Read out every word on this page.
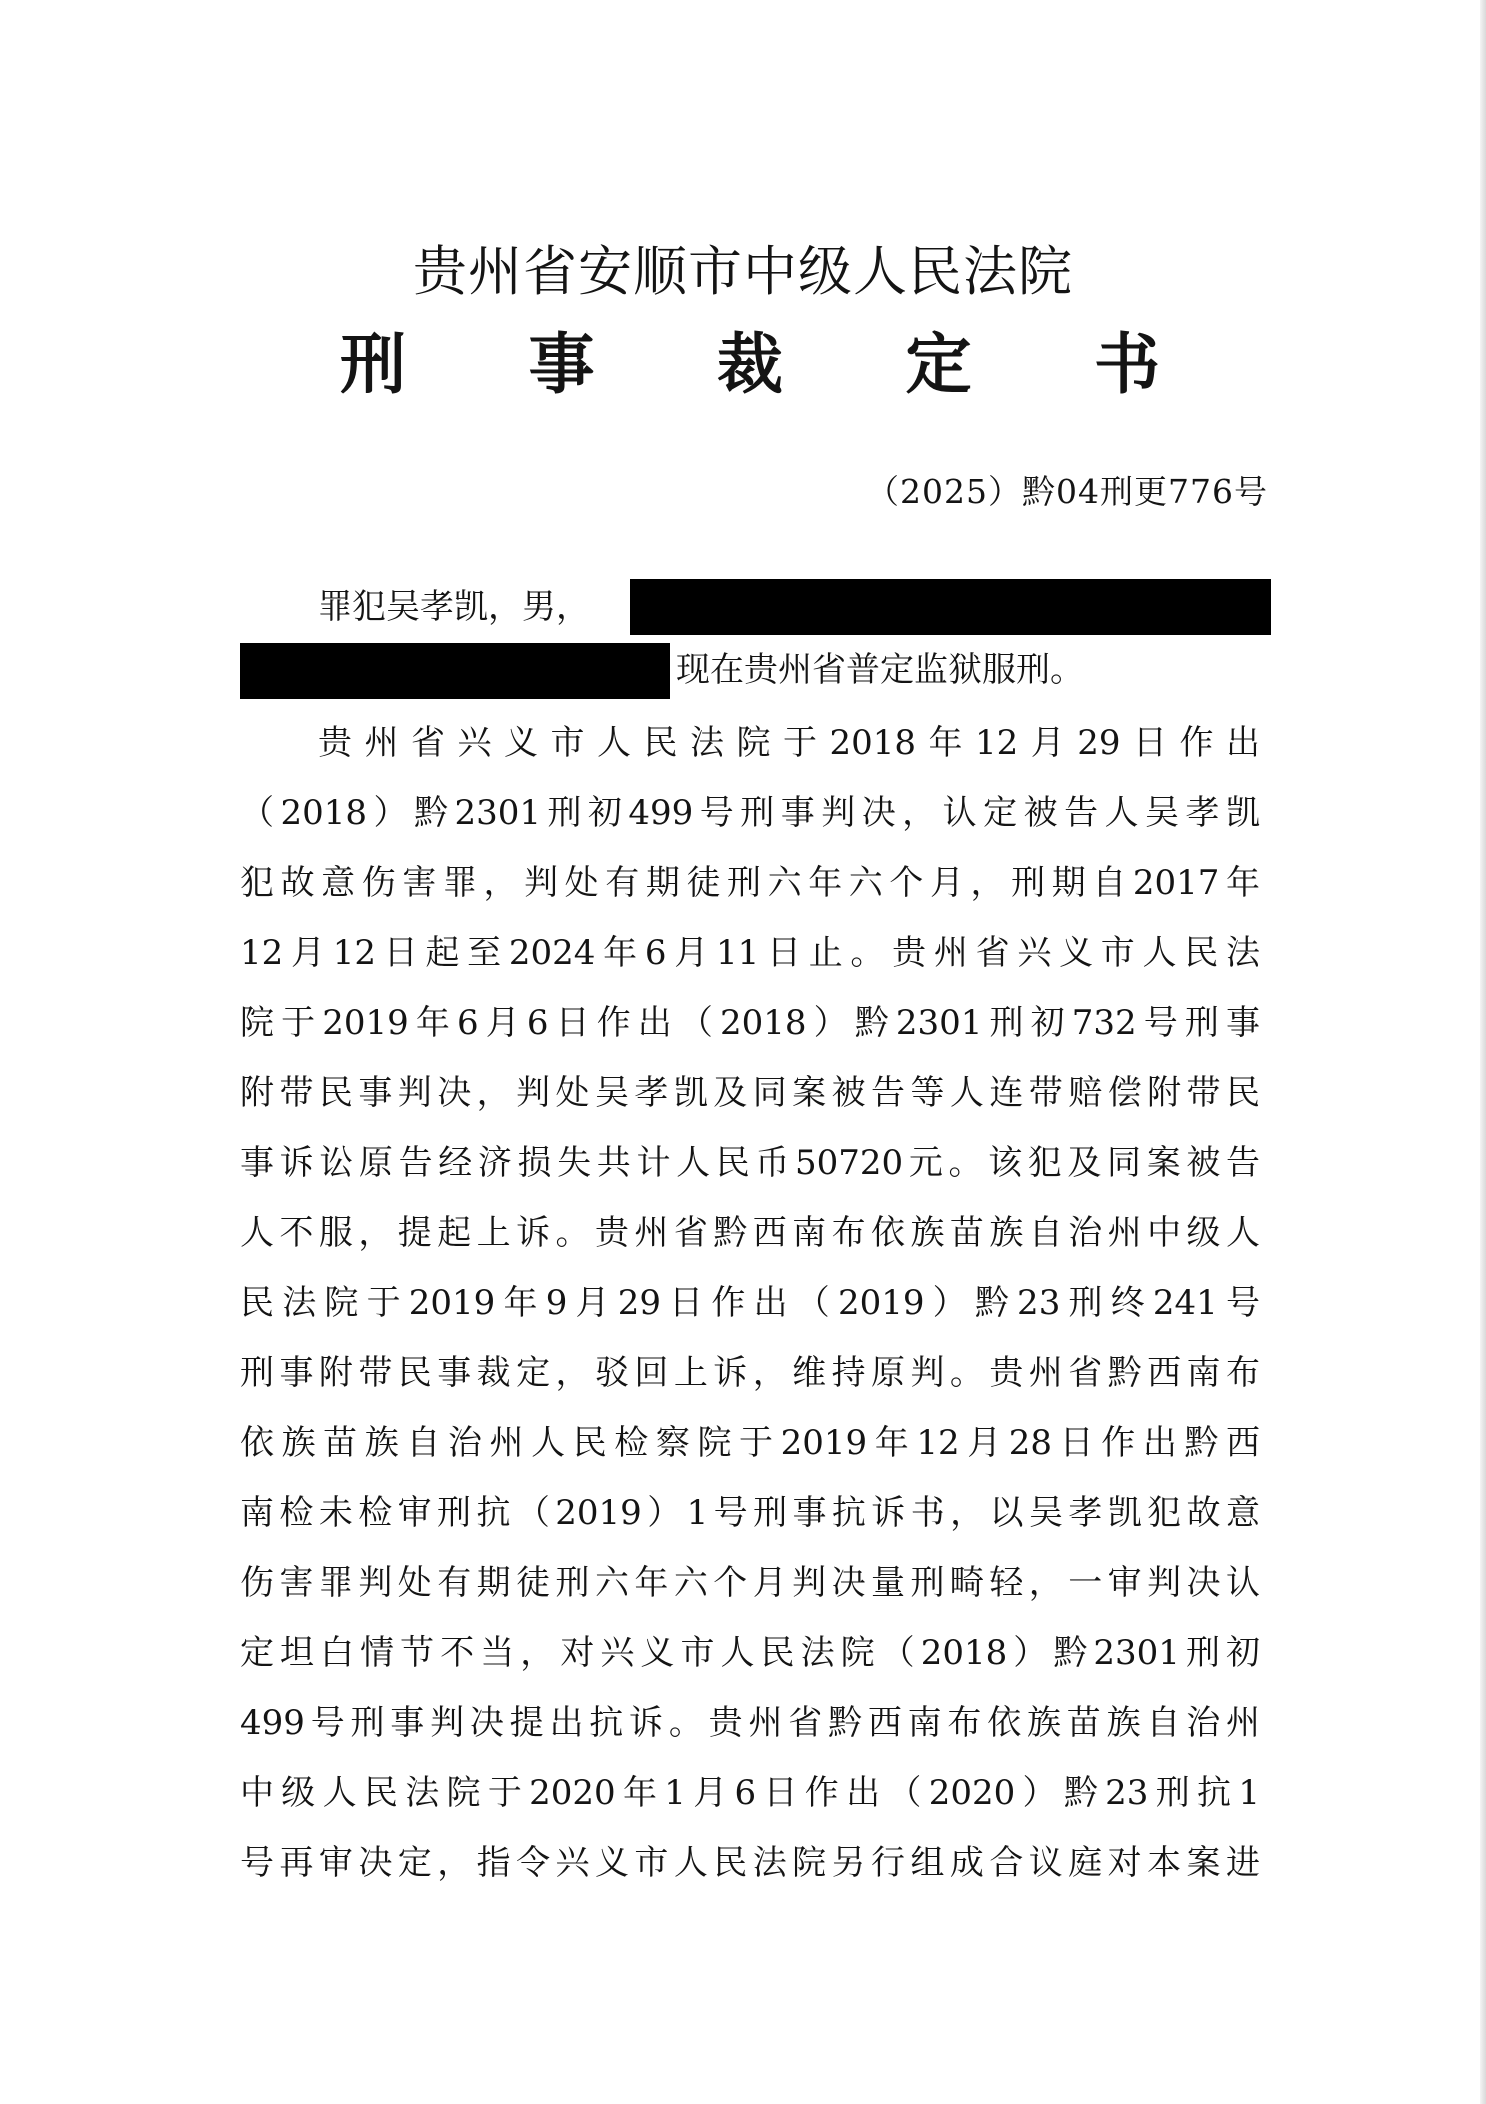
贵州省安顺市中级人民法院
刑 事 裁 定 书
（2025）黔04刑更776号
罪犯吴孝凯，男，
现在贵州省普定监狱服刑。
贵州省兴义市人民法院于2018年12月29日作出
（2018）黔2301刑初499号刑事判决，认定被告人吴孝凯
犯故意伤害罪，判处有期徒刑六年六个月，刑期自2017年
12月12日起至2024年6月11日止。贵州省兴义市人民法
院于2019年6月6日作出（2018）黔2301刑初732号刑事
附带民事判决，判处吴孝凯及同案被告等人连带赔偿附带民
事诉讼原告经济损失共计人民币50720元。该犯及同案被告
人不服，提起上诉。贵州省黔西南布依族苗族自治州中级人
民法院于2019年9月29日作出（2019）黔23刑终241号
刑事附带民事裁定，驳回上诉，维持原判。贵州省黔西南布
依族苗族自治州人民检察院于2019年12月28日作出黔西
南检未检审刑抗（2019）1号刑事抗诉书，以吴孝凯犯故意
伤害罪判处有期徒刑六年六个月判决量刑畸轻，一审判决认
定坦白情节不当，对兴义市人民法院（2018）黔2301刑初
499号刑事判决提出抗诉。贵州省黔西南布依族苗族自治州
中级人民法院于2020年1月6日作出（2020）黔23刑抗1
号再审决定，指令兴义市人民法院另行组成合议庭对本案进
